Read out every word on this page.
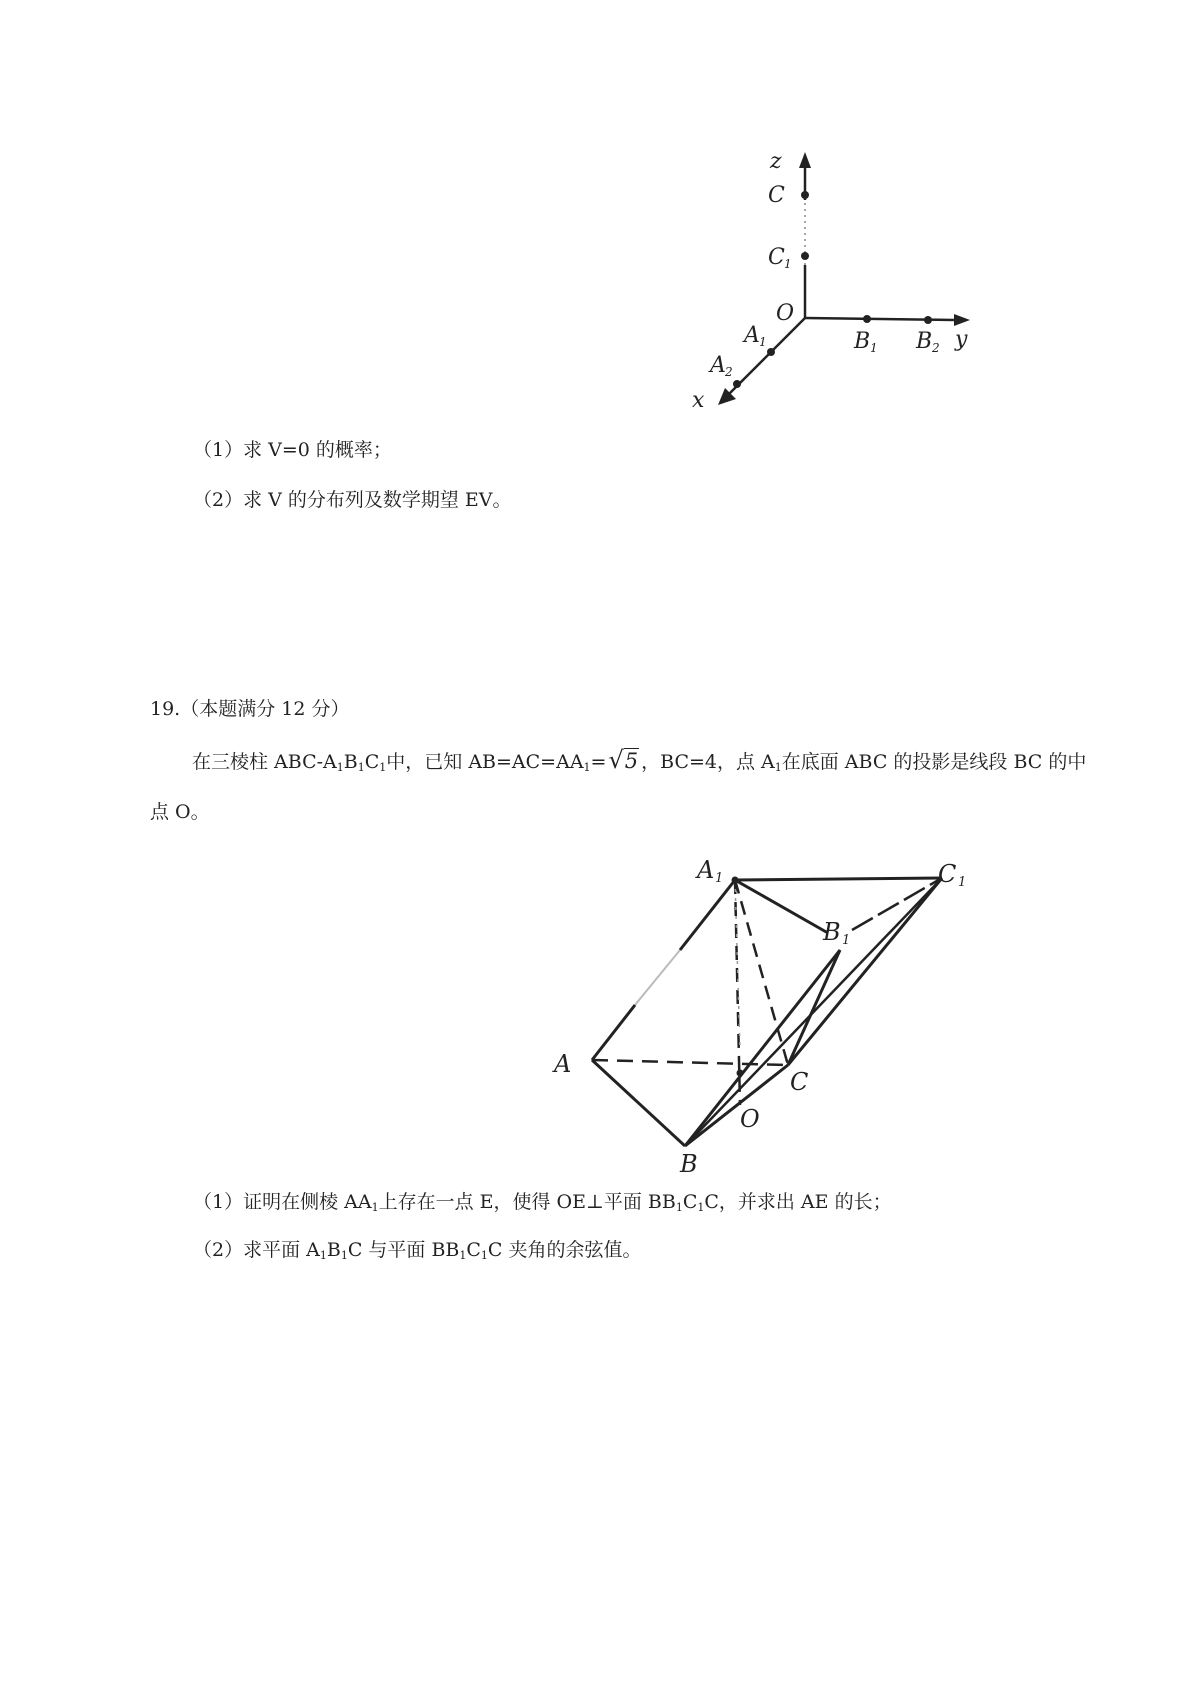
z
C
C 1
O
A 1
A 2
x
B 1 B 2 y
（1）求 V=0 的概率；
（2）求 V 的分布列及数学期望 EV。
19.（本题满分 12 分）
在三棱柱 ABC-$A_1B_1C_1$中，已知 $AB=AC=AA_1=√5$ ，BC=4，点 $A_1$在底面 ABC 的投影是线段 BC 的中
点 O。
A 1	C 1
B 1
A
C
O
B
（1）证明在侧棱 $AA_1$上存在一点 E，使得 OE⊥平面 $BB_1C_1C$，并求出 AE 的长；
（2）求平面 $A_1B_1C$ 与平面 $BB_1C_1C$ 夹角的余弦值。
